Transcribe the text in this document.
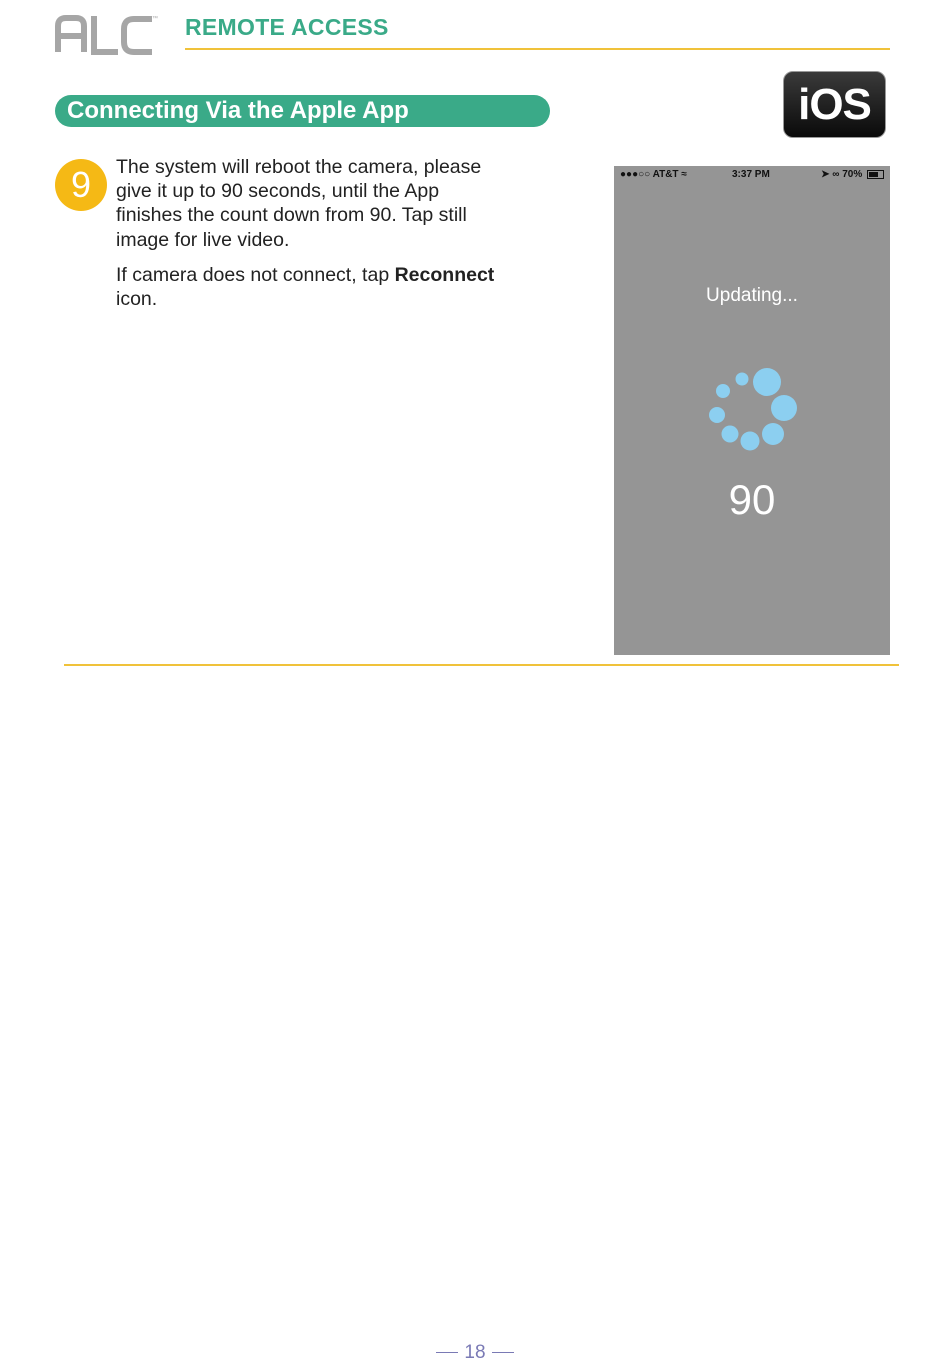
™ REMOTE ACCESS
Connecting Via the Apple App	iOS
9	The system will reboot the camera, please give it up to 90 seconds, until the App finishes the count down from 90. Tap still image for live video.

If camera does not connect, tap Reconnect icon.

●●●○○ AT&T ≈	3:37 PM	➤ ∞ 70%
Updating...
90
18
